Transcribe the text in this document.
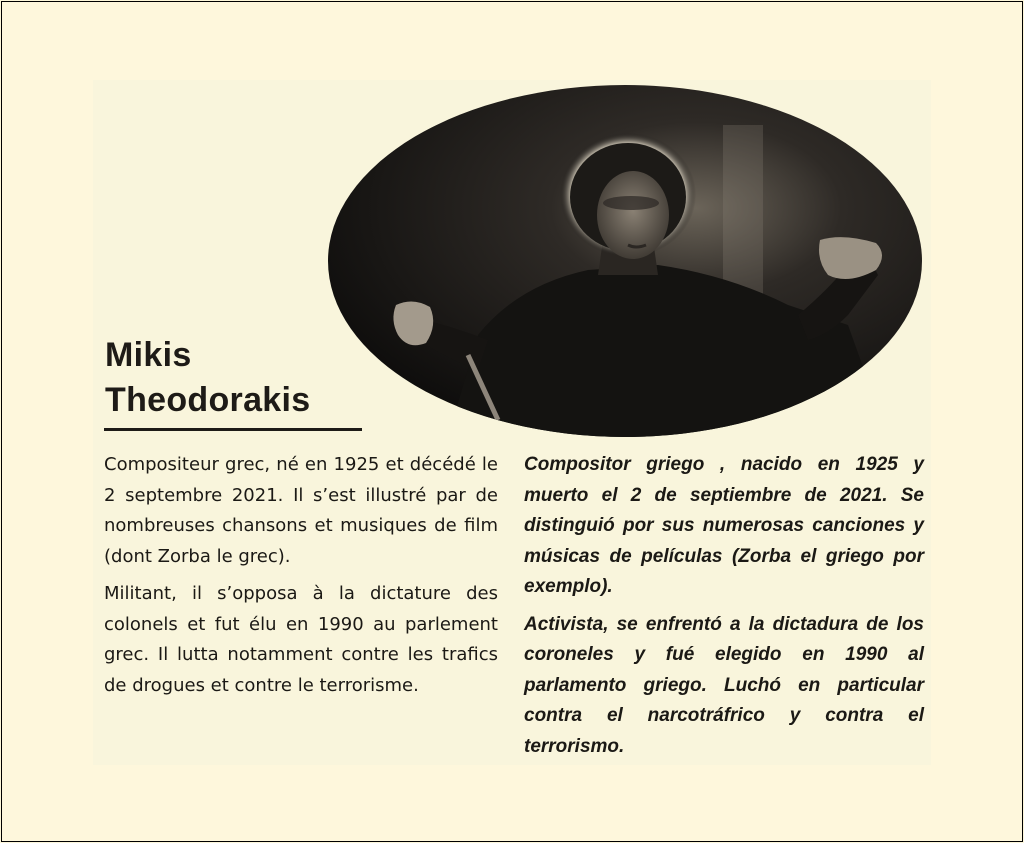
Mikis
Theodorakis

Compositeur grec, né en 1925 et décédé le 2 septembre 2021. Il s’est illustré par de nombreuses chansons et musiques de film (dont Zorba le grec).

Militant, il s’opposa à la dictature des colonels et fut élu en 1990 au parlement grec. Il lutta notamment contre les trafics de drogues et contre le terrorisme.

Compositor griego , nacido en 1925 y muerto el 2 de septiembre de 2021. Se distinguió por sus numerosas canciones y músicas de películas (Zorba el griego por exemplo).

Activista, se enfrentó a la dictadura de los coroneles y fué elegido en 1990 al parlamento griego. Luchó en particular contra el narcotráfrico y contra el terrorismo.
